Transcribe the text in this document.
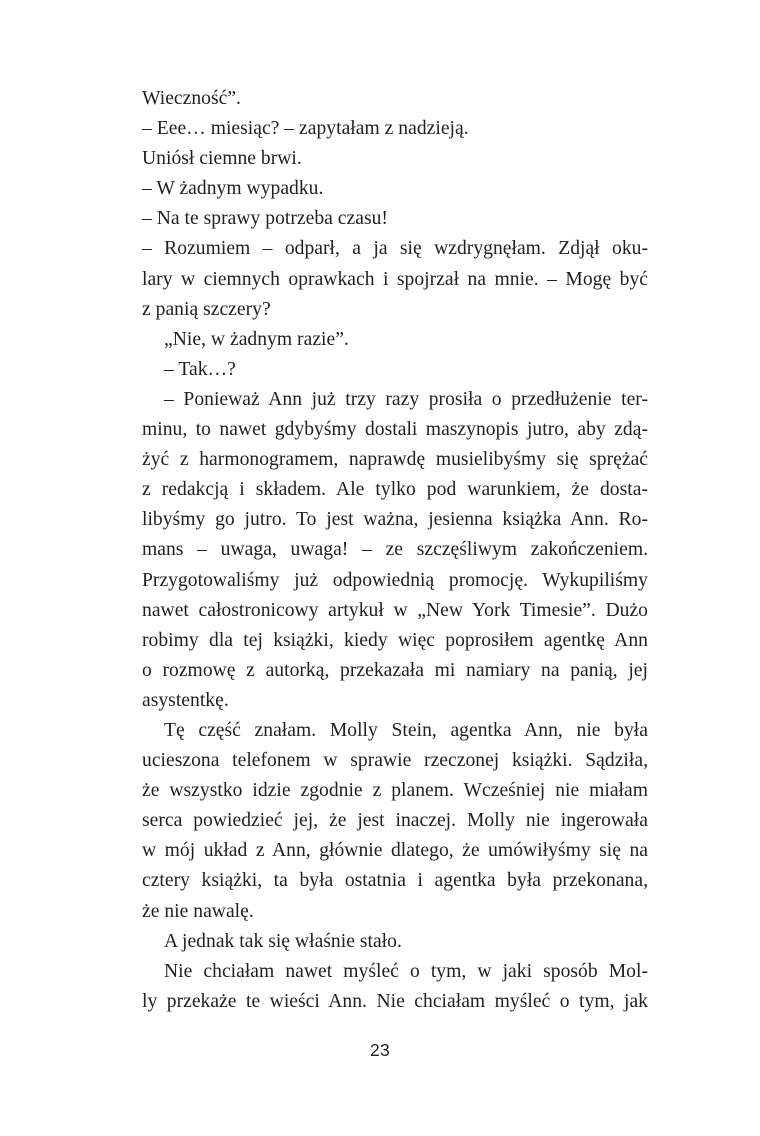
Wieczność”.
– Eee… miesiąc? – zapytałam z nadzieją.
Uniósł ciemne brwi.
– W żadnym wypadku.
– Na te sprawy potrzeba czasu!
– Rozumiem – odparł, a ja się wzdrygnęłam. Zdjął oku-
lary w ciemnych oprawkach i spojrzał na mnie. – Mogę być
z panią szczery?
„Nie, w żadnym razie”.
– Tak…?
– Ponieważ Ann już trzy razy prosiła o przedłużenie ter-
minu, to nawet gdybyśmy dostali maszynopis jutro, aby zdą-
żyć z harmonogramem, naprawdę musielibyśmy się sprężać
z redakcją i składem. Ale tylko pod warunkiem, że dosta-
libyśmy go jutro. To jest ważna, jesienna książka Ann. Ro-
mans – uwaga, uwaga! – ze szczęśliwym zakończeniem.
Przygotowaliśmy już odpowiednią promocję. Wykupiliśmy
nawet całostronicowy artykuł w „New York Timesie”. Dużo
robimy dla tej książki, kiedy więc poprosiłem agentkę Ann
o rozmowę z autorką, przekazała mi namiary na panią, jej
asystentkę.
Tę część znałam. Molly Stein, agentka Ann, nie była
ucieszona telefonem w sprawie rzeczonej książki. Sądziła,
że wszystko idzie zgodnie z planem. Wcześniej nie miałam
serca powiedzieć jej, że jest inaczej. Molly nie ingerowała
w mój układ z Ann, głównie dlatego, że umówiłyśmy się na
cztery książki, ta była ostatnia i agentka była przekonana,
że nie nawalę.
A jednak tak się właśnie stało.
Nie chciałam nawet myśleć o tym, w jaki sposób Mol-
ly przekaże te wieści Ann. Nie chciałam myśleć o tym, jak
23
